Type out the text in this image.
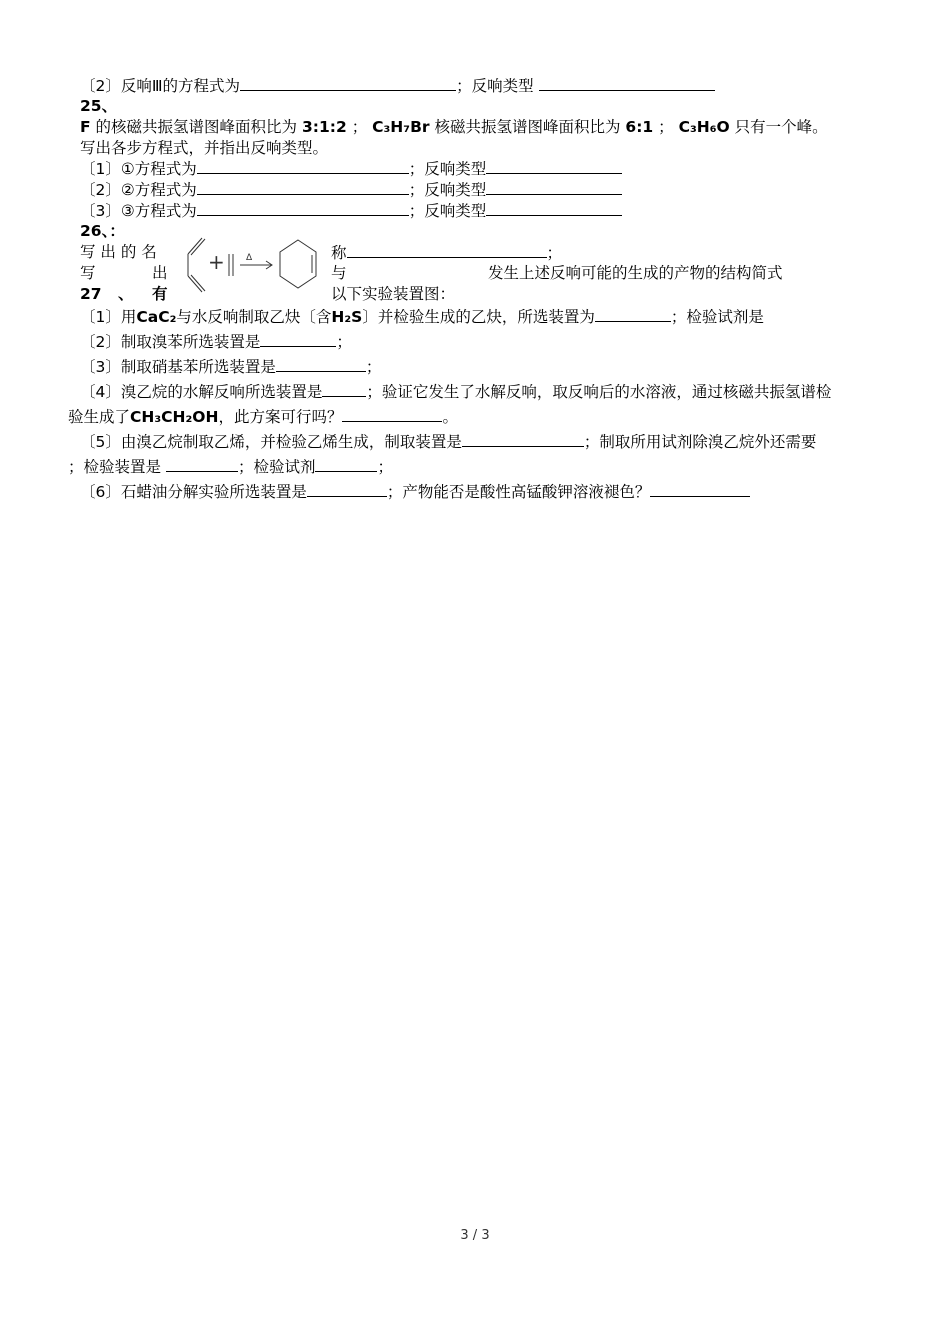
〔2〕反响Ⅲ的方程式为	；反响类型
25、
F 的核磁共振氢谱图峰面积比为 3:1:2 ； C₃H₇Br 核磁共振氢谱图峰面积比为 6:1 ； C₃H₆O 只有一个峰。
写出各步方程式，并指出反响类型。
〔1〕①方程式为	；反响类型
〔2〕②方程式为	；反响类型
〔3〕③方程式为	；反响类型
26、：
写 出 的 名	称	；
写	出	与	发生上述反响可能的生成的产物的结构简式
+ Δ
27 、 有	以下实验装置图：
〔1〕用CaC₂与水反响制取乙炔〔含H₂S〕并检验生成的乙炔，所选装置为	；检验试剂是
〔2〕制取溴苯所选装置是	；
〔3〕制取硝基苯所选装置是	；
〔4〕溴乙烷的水解反响所选装置是	；验证它发生了水解反响，取反响后的水溶液，通过核磁共振氢谱检
验生成了CH₃CH₂OH，此方案可行吗？	。
〔5〕由溴乙烷制取乙烯，并检验乙烯生成，制取装置是	；制取所用试剂除溴乙烷外还需要
；检验装置是	；检验试剂	；
〔6〕石蜡油分解实验所选装置是	；产物能否是酸性高锰酸钾溶液褪色？
3 / 3
